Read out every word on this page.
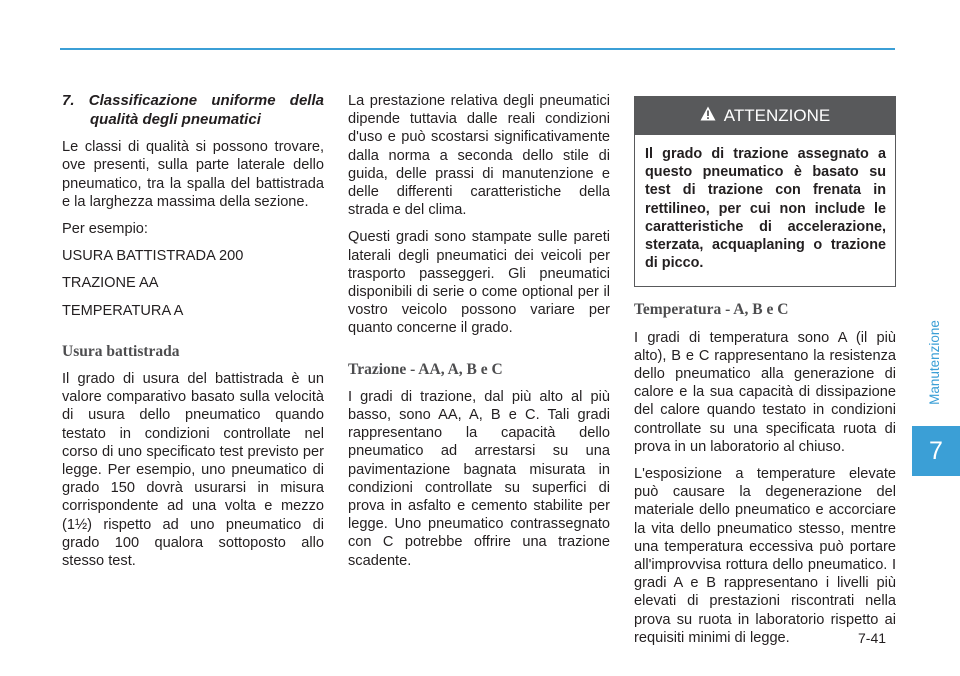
7. Classificazione uniforme della qualità degli pneumatici

Le classi di qualità si possono trovare, ove presenti, sulla parte laterale dello pneumatico, tra la spalla del battistrada e la larghezza massima della sezione.

Per esempio:

USURA BATTISTRADA 200

TRAZIONE AA

TEMPERATURA A

Usura battistrada

Il grado di usura del battistrada è un valore comparativo basato sulla velocità di usura dello pneumatico quando testato in condizioni controllate nel corso di uno specificato test previsto per legge. Per esempio, uno pneumatico di grado 150 dovrà usurarsi in misura corrispondente ad una volta e mezzo (1½) rispetto ad uno pneumatico di grado 100 qualora sottoposto allo stesso test.

La prestazione relativa degli pneumatici dipende tuttavia dalle reali condizioni d'uso e può scostarsi significativamente dalla norma a seconda dello stile di guida, delle prassi di manutenzione e delle differenti caratteristiche della strada e del clima.

Questi gradi sono stampate sulle pareti laterali degli pneumatici dei veicoli per trasporto passeggeri. Gli pneumatici disponibili di serie o come optional per il vostro veicolo possono variare per quanto concerne il grado.

Trazione - AA, A, B e C

I gradi di trazione, dal più alto al più basso, sono AA, A, B e C. Tali gradi rappresentano la capacità dello pneumatico ad arrestarsi su una pavimentazione bagnata misurata in condizioni controllate su superfici di prova in asfalto e cemento stabilite per legge. Uno pneumatico contrassegnato con C potrebbe offrire una trazione scadente.

ATTENZIONE
Il grado di trazione assegnato a questo pneumatico è basato su test di trazione con frenata in rettilineo, per cui non include le caratteristiche di accelerazione, sterzata, acquaplaning o trazione di picco.
Temperatura - A, B e C

I gradi di temperatura sono A (il più alto), B e C rappresentano la resistenza dello pneumatico alla generazione di calore e la sua capacità di dissipazione del calore quando testato in condizioni controllate su una specificata ruota di prova in un laboratorio al chiuso.

L'esposizione a temperature elevate può causare la degenerazione del materiale dello pneumatico e accorciare la vita dello pneumatico stesso, mentre una temperatura eccessiva può portare all'improvvisa rottura dello pneumatico. I gradi A e B rappresentano i livelli più elevati di prestazioni riscontrati nella prova su ruota in laboratorio rispetto ai requisiti minimi di legge.

Manutenzione
7
7-41
